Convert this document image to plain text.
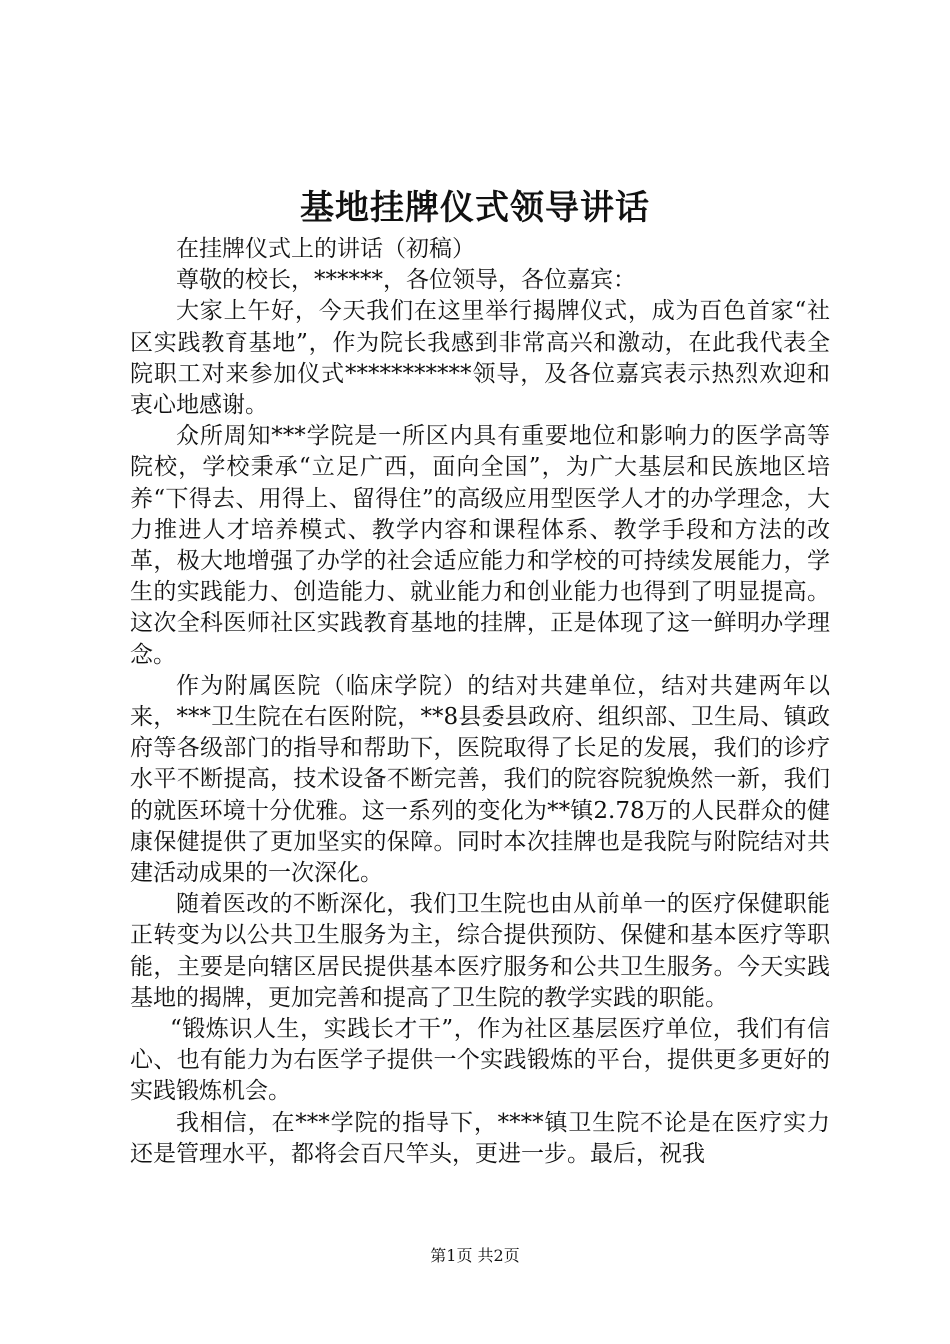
基地挂牌仪式领导讲话

在挂牌仪式上的讲话（初稿）

尊敬的校长，******，各位领导，各位嘉宾：

大家上午好，今天我们在这里举行揭牌仪式，成为百色首家“社区实践教育基地”，作为院长我感到非常高兴和激动，在此我代表全院职工对来参加仪式***********领导，及各位嘉宾表示热烈欢迎和衷心地感谢。

众所周知***学院是一所区内具有重要地位和影响力的医学高等院校，学校秉承“立足广西，面向全国”，为广大基层和民族地区培养“下得去、用得上、留得住”的高级应用型医学人才的办学理念，大力推进人才培养模式、教学内容和课程体系、教学手段和方法的改革，极大地增强了办学的社会适应能力和学校的可持续发展能力，学生的实践能力、创造能力、就业能力和创业能力也得到了明显提高。这次全科医师社区实践教育基地的挂牌，正是体现了这一鲜明办学理念。

作为附属医院（临床学院）的结对共建单位，结对共建两年以来，***卫生院在右医附院，**8县委县政府、组织部、卫生局、镇政府等各级部门的指导和帮助下，医院取得了长足的发展，我们的诊疗水平不断提高，技术设备不断完善，我们的院容院貌焕然一新，我们的就医环境十分优雅。这一系列的变化为**镇2.78万的人民群众的健康保健提供了更加坚实的保障。同时本次挂牌也是我院与附院结对共建活动成果的一次深化。

随着医改的不断深化，我们卫生院也由从前单一的医疗保健职能正转变为以公共卫生服务为主，综合提供预防、保健和基本医疗等职能，主要是向辖区居民提供基本医疗服务和公共卫生服务。今天实践基地的揭牌，更加完善和提高了卫生院的教学实践的职能。

“锻炼识人生，实践长才干”，作为社区基层医疗单位，我们有信心、也有能力为右医学子提供一个实践锻炼的平台，提供更多更好的实践锻炼机会。

我相信，在***学院的指导下，****镇卫生院不论是在医疗实力还是管理水平，都将会百尺竿头，更进一步。最后，祝我

第1页 共2页
